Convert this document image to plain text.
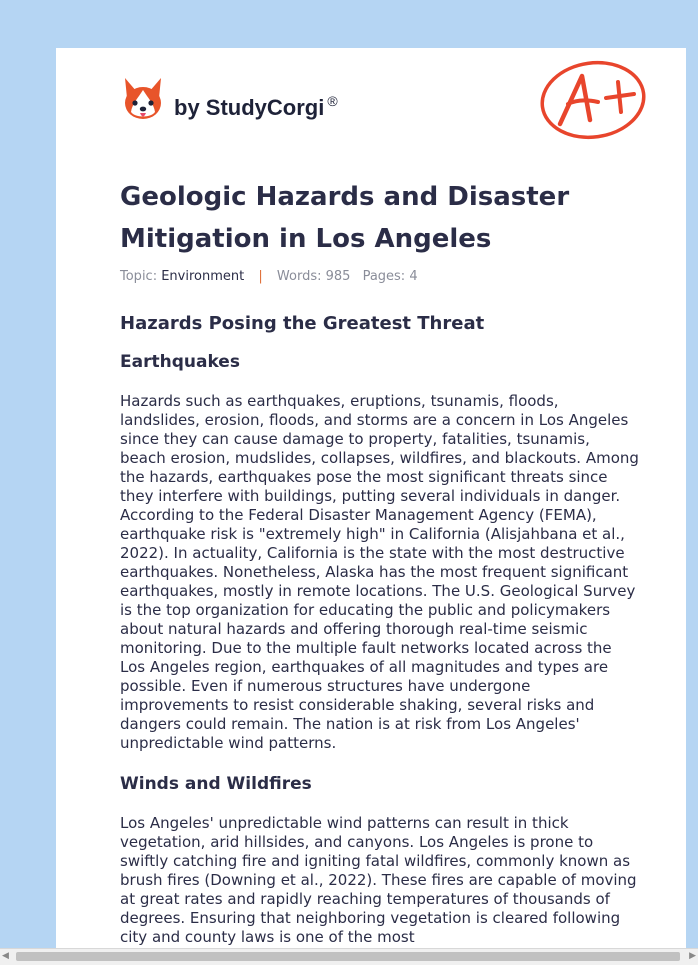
by StudyCorgi ®
Geologic Hazards and Disaster Mitigation in Los Angeles
Topic: Environment | Words: 985 Pages: 4
Hazards Posing the Greatest Threat
Earthquakes

Hazards such as earthquakes, eruptions, tsunamis, floods, landslides, erosion, floods, and storms are a concern in Los Angeles since they can cause damage to property, fatalities, tsunamis, beach erosion, mudslides, collapses, wildfires, and blackouts. Among the hazards, earthquakes pose the most significant threats since they interfere with buildings, putting several individuals in danger. According to the Federal Disaster Management Agency (FEMA), earthquake risk is "extremely high" in California (Alisjahbana et al., 2022). In actuality, California is the state with the most destructive earthquakes. Nonetheless, Alaska has the most frequent significant earthquakes, mostly in remote locations. The U.S. Geological Survey is the top organization for educating the public and policymakers about natural hazards and offering thorough real-time seismic monitoring. Due to the multiple fault networks located across the Los Angeles region, earthquakes of all magnitudes and types are possible. Even if numerous structures have undergone improvements to resist considerable shaking, several risks and dangers could remain. The nation is at risk from Los Angeles' unpredictable wind patterns.

Winds and Wildfires

Los Angeles' unpredictable wind patterns can result in thick vegetation, arid hillsides, and canyons. Los Angeles is prone to swiftly catching fire and igniting fatal wildfires, commonly known as brush fires (Downing et al., 2022). These fires are capable of moving at great rates and rapidly reaching temperatures of thousands of degrees. Ensuring that neighboring vegetation is cleared following city and county laws is one of the most

◀	▶
